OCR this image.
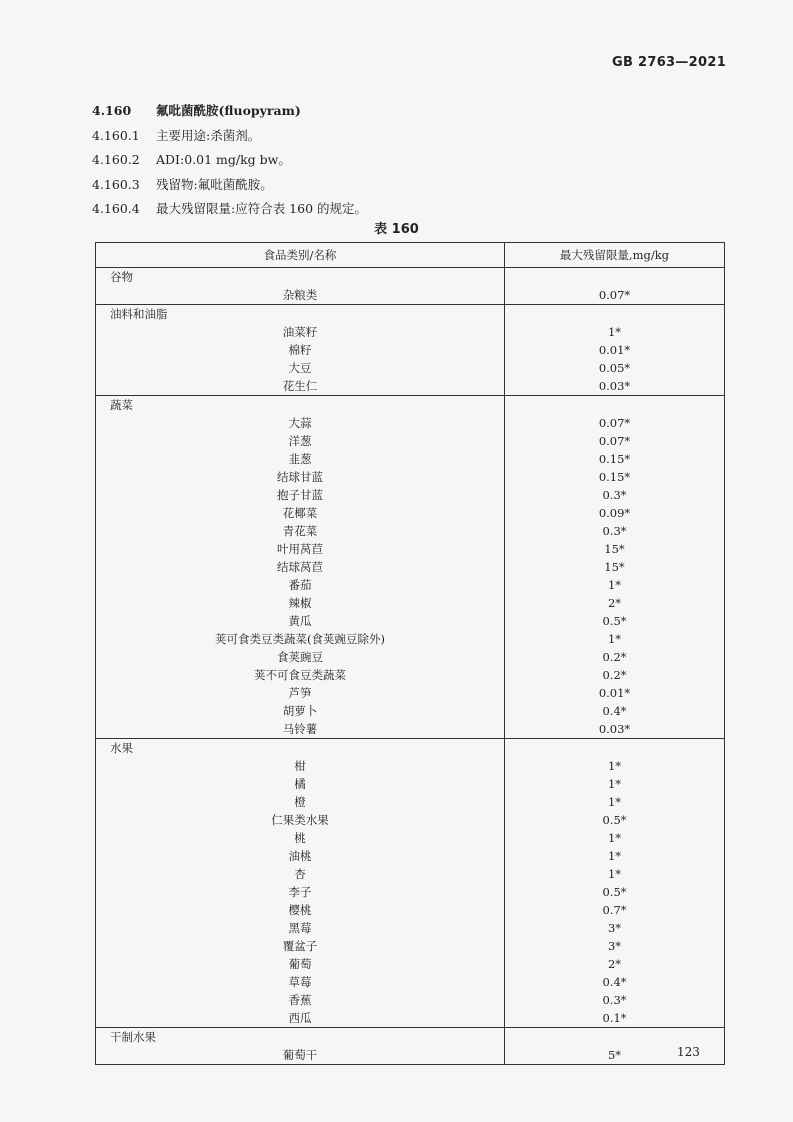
GB 2763—2021
4.160 氟吡菌酰胺(fluopyram)
4.160.1 主要用途:杀菌剂。
4.160.2 ADI:0.01 mg/kg bw。
4.160.3 残留物:氟吡菌酰胺。
4.160.4 最大残留限量:应符合表 160 的规定。
表 160
食品类别/名称	最大残留限量,mg/kg
谷物	
杂粮类	0.07*
油料和油脂	
油菜籽	1*
棉籽	0.01*
大豆	0.05*
花生仁	0.03*
蔬菜	
大蒜	0.07*
洋葱	0.07*
韭葱	0.15*
结球甘蓝	0.15*
抱子甘蓝	0.3*
花椰菜	0.09*
青花菜	0.3*
叶用莴苣	15*
结球莴苣	15*
番茄	1*
辣椒	2*
黄瓜	0.5*
荚可食类豆类蔬菜(食荚豌豆除外)	1*
食荚豌豆	0.2*
荚不可食豆类蔬菜	0.2*
芦笋	0.01*
胡萝卜	0.4*
马铃薯	0.03*
水果	
柑	1*
橘	1*
橙	1*
仁果类水果	0.5*
桃	1*
油桃	1*
杏	1*
李子	0.5*
樱桃	0.7*
黑莓	3*
覆盆子	3*
葡萄	2*
草莓	0.4*
香蕉	0.3*
西瓜	0.1*
干制水果	
葡萄干	5*	123
